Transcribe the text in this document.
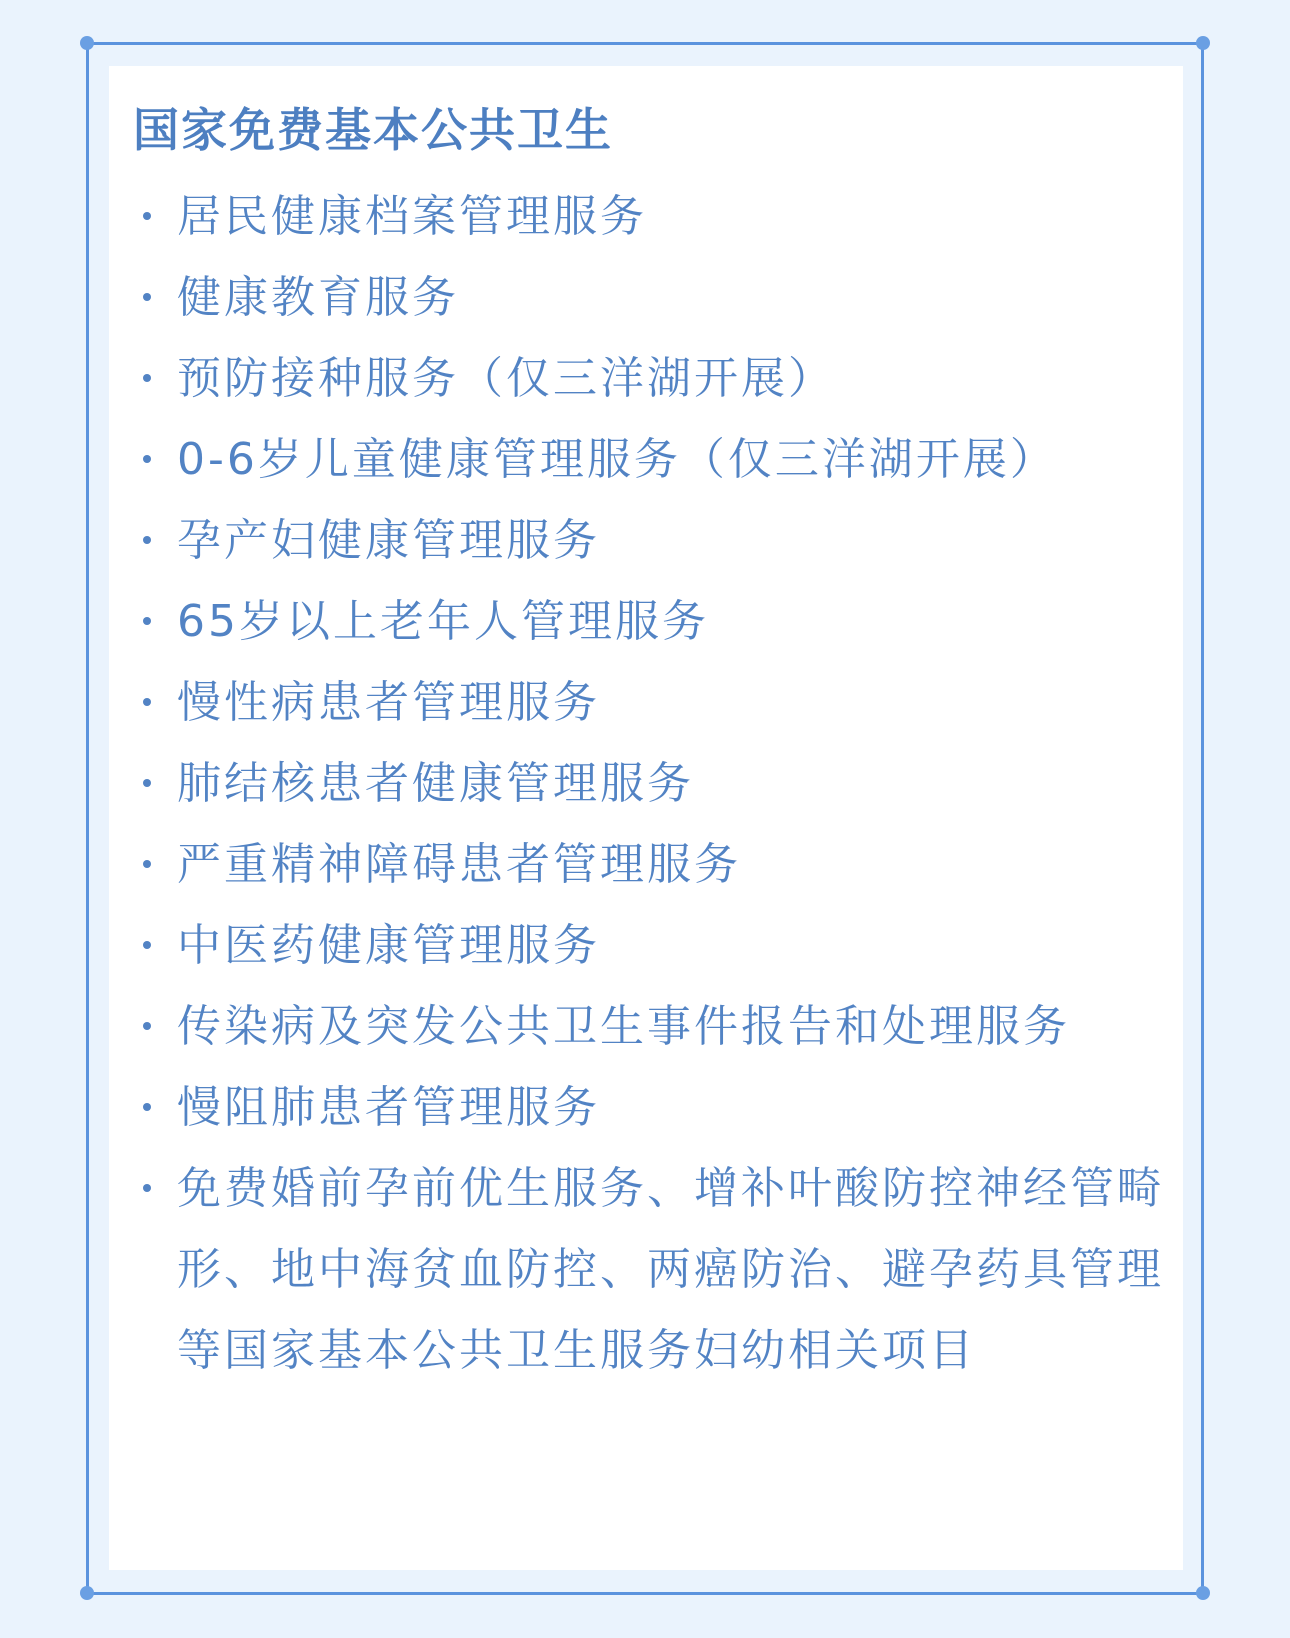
国家免费基本公共卫生
居民健康档案管理服务
健康教育服务
预防接种服务（仅三洋湖开展）
0-6岁儿童健康管理服务（仅三洋湖开展）
孕产妇健康管理服务
65岁以上老年人管理服务
慢性病患者管理服务
肺结核患者健康管理服务
严重精神障碍患者管理服务
中医药健康管理服务
传染病及突发公共卫生事件报告和处理服务
慢阻肺患者管理服务
免费婚前孕前优生服务、增补叶酸防控神经管畸形、地中海贫血防控、两癌防治、避孕药具管理等国家基本公共卫生服务妇幼相关项目
